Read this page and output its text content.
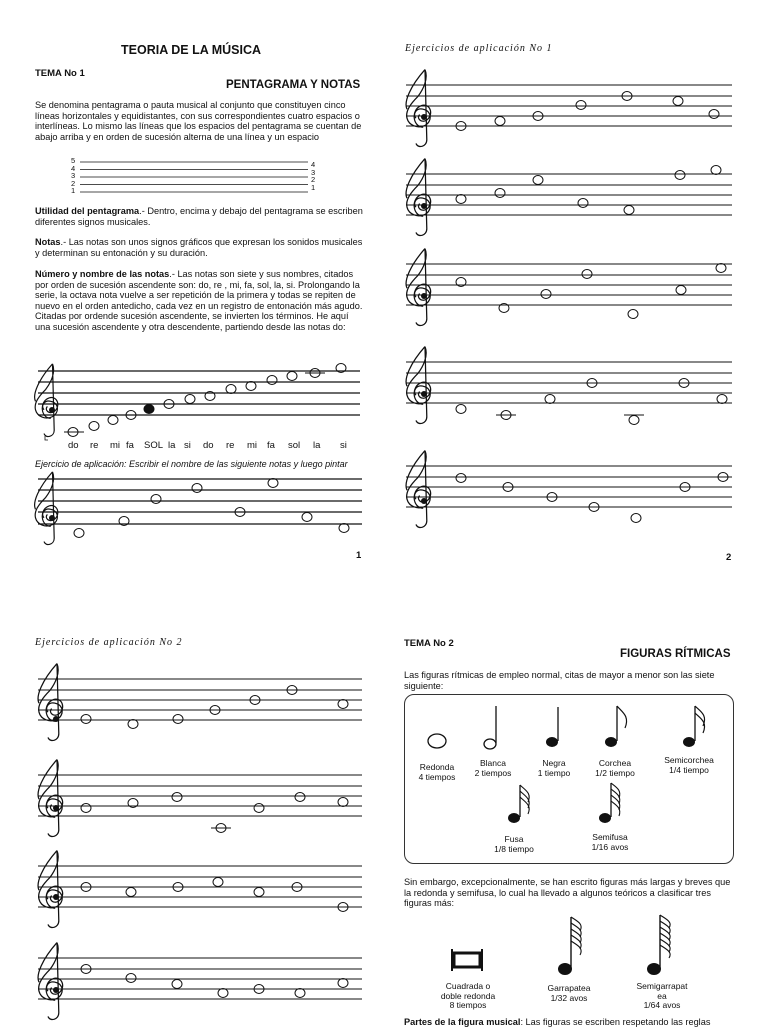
TEORIA DE LA MÚSICA
TEMA No 1
PENTAGRAMA Y NOTAS
Se denomina pentagrama o pauta musical al conjunto que constituyen cinco líneas horizontales y equidistantes, con sus correspondientes cuatro espacios o interlíneas. Lo mismo las líneas que los espacios del pentagrama se cuentan de abajo arriba y en orden de sucesión alterna de una línea y un espacio
5
4
3
2
1
4
3
2
1
Utilidad del pentagrama.- Dentro, encima y debajo del pentagrama se escriben diferentes signos musicales.
Notas.- Las notas son unos signos gráficos que expresan los sonidos musicales y determinan su entonación y su duración.
Número y nombre de las notas.- Las notas son siete y sus nombres, citados por orden de sucesión ascendente son: do, re , mi, fa, sol, la, si. Prolongando la serie, la octava nota vuelve a ser repetición de la primera y todas se repiten de nuevo en el orden antedicho, cada vez en un registro de entonación más agudo. Citadas por ordende sucesión ascendente, se invierten los términos. He aquí una sucesión ascendente y otra descendente, partiendo desde las notas do:
do re mi fa SOL la si do re mi fa sol la si
Ejercicio de aplicación: Escribir el nombre de las siguiente notas y luego pintar
1
Ejercicios de aplicación No 1
2
Ejercicios de aplicación No 2	TEMA No 2
FIGURAS RÍTMICAS
Las figuras rítmicas de empleo normal, citas de mayor a menor son las siete siguiente:
Redonda
4 tiempos
Blanca
2 tiempos
Negra
1 tiempo
Corchea
1/2 tiempo
Semicorchea
1/4 tiempo
Fusa
1/8 tiempo
Semifusa
1/16 avos
Sin embargo, excepcionalmente, se han escrito figuras más largas y breves que la redonda y semifusa, lo cual ha llevado a algunos teóricos a clasificar tres figuras más:
Cuadrada o
doble redonda
8 tiempos
Garrapatea
1/32 avos
Semigarrapat
ea
1/64 avos
Partes de la figura musical: Las figuras se escriben respetando las reglas
